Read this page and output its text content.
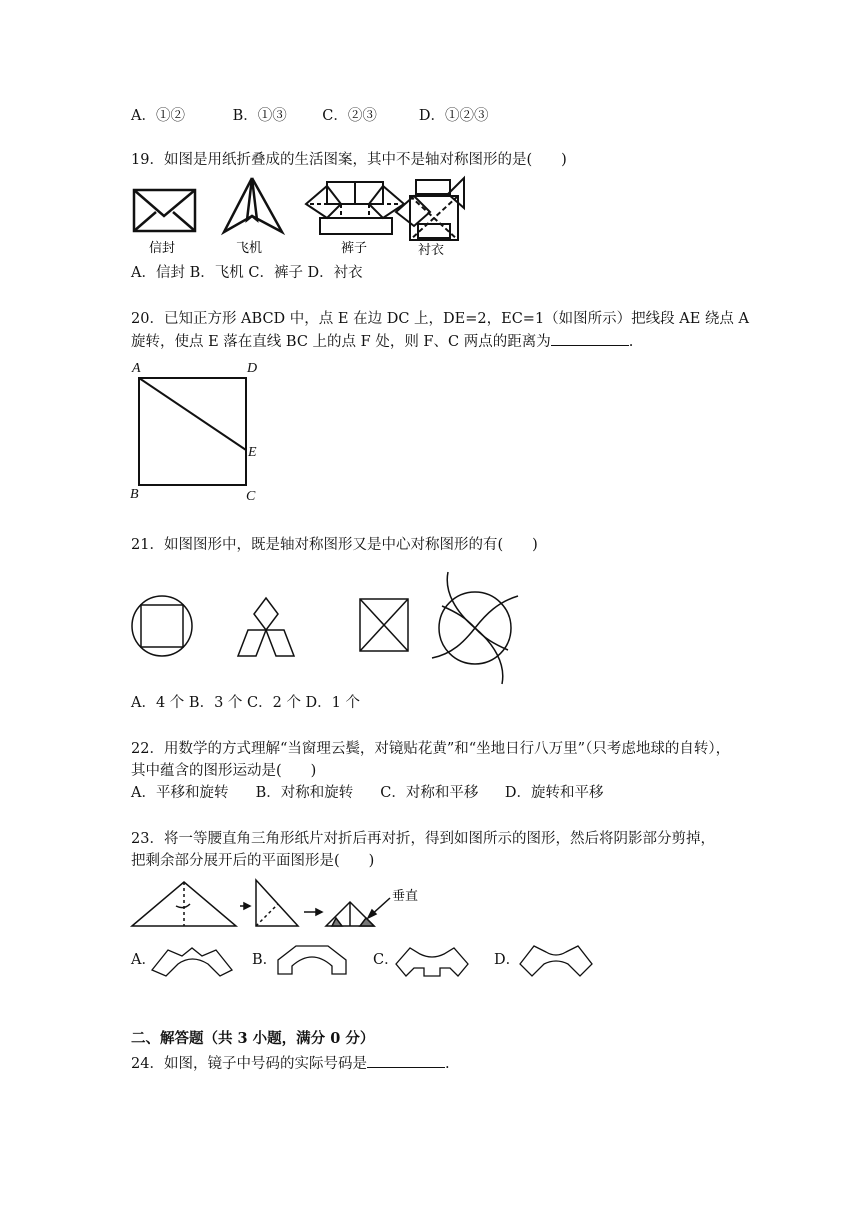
A．①②	B．①③ C．②③	D．①②③
19．如图是用纸折叠成的生活图案，其中不是轴对称图形的是(　　)
信封	飞机	裤子	衬衣
A．信封 B．飞机 C．裤子 D．衬衣
20．已知正方形 ABCD 中，点 E 在边 DC 上，DE=2，EC=1（如图所示）把线段 AE 绕点 A
旋转，使点 E 落在直线 BC 上的点 F 处，则 F、C 两点的距离为	.
A	D
E
B	C
21．如图图形中，既是轴对称图形又是中心对称图形的有(　　)
A．4 个 B．3 个 C．2 个 D．1 个
22．用数学的方式理解“当窗理云鬓，对镜贴花黄”和“坐地日行八万里”（只考虑地球的自转），
其中蕴含的图形运动是(　　)
A．平移和旋转 B．对称和旋转 C．对称和平移 D．旋转和平移
23．将一等腰直角三角形纸片对折后再对折，得到如图所示的图形，然后将阴影部分剪掉，
把剩余部分展开后的平面图形是(　　)
垂直
A．	B．	C．	D．
二、解答题（共 3 小题，满分 0 分）
24．如图，镜子中号码的实际号码是	.
